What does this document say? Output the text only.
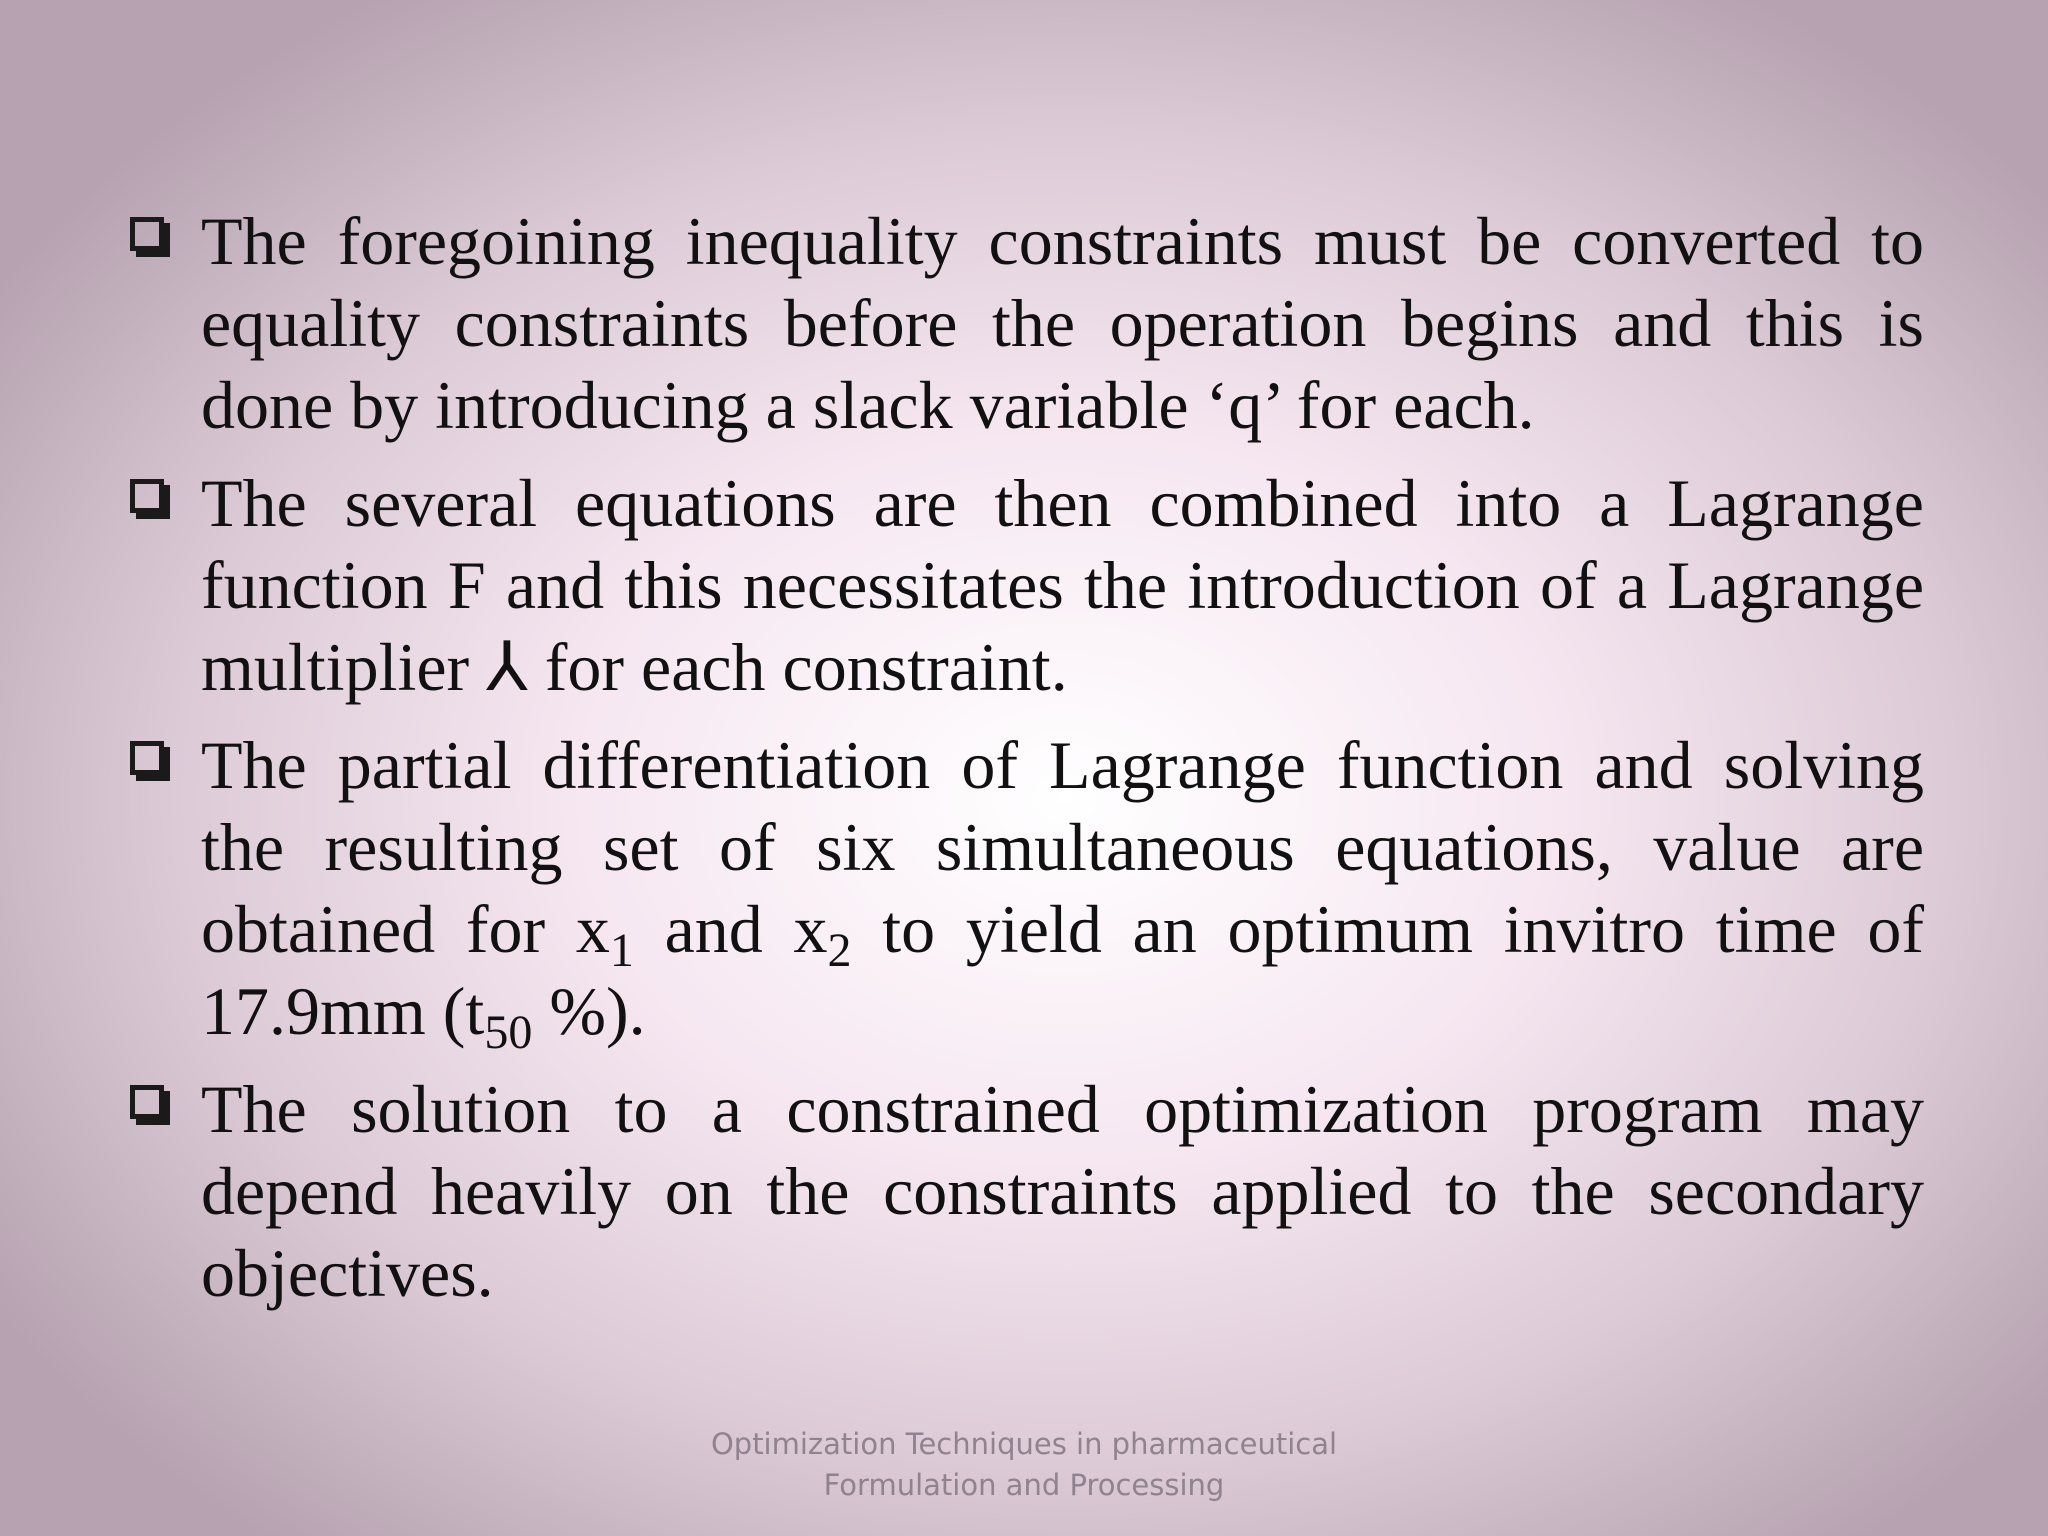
The foregoining inequality constraints must be converted to equality constraints before the operation begins and this is done by introducing a slack variable ‘q’ for each.
The several equations are then combined into a Lagrange function F and this necessitates the introduction of a Lagrange multiplier ⅄ for each constraint.
The partial differentiation of Lagrange function and solving the resulting set of six simultaneous equations, value are obtained for $x_1$ and $x_2$ to yield an optimum invitro time of 17.9mm ($t_{50}$ %).
The solution to a constrained optimization program may depend heavily on the constraints applied to the secondary objectives.
Optimization Techniques in pharmaceutical
Formulation and Processing
